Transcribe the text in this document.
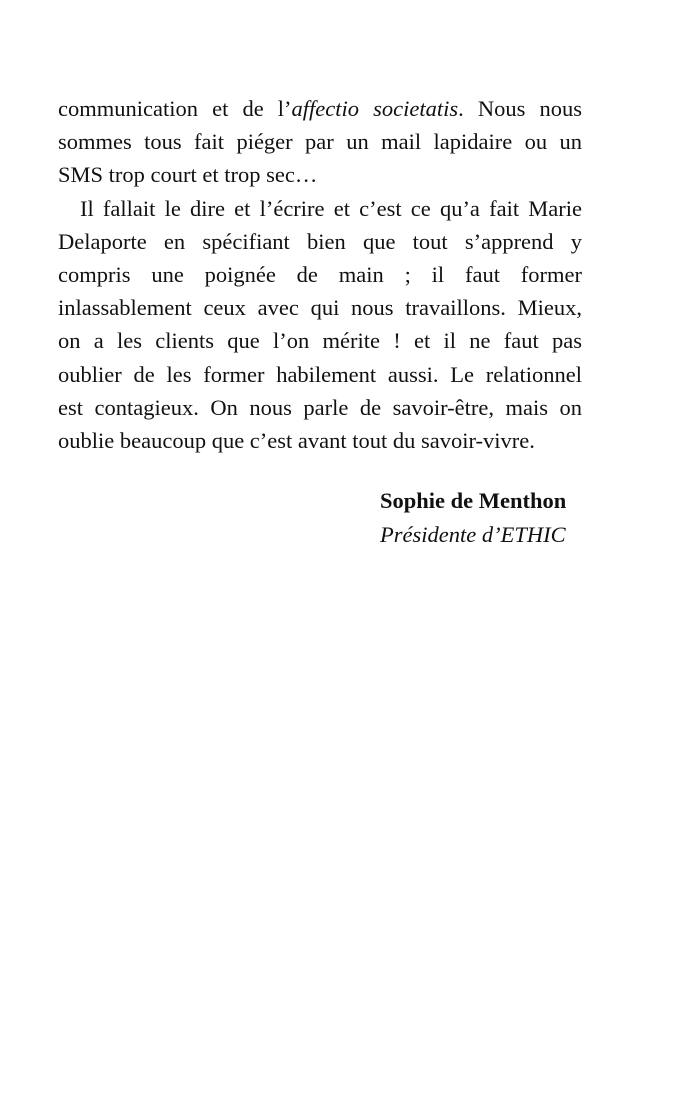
communication et de l’affectio societatis. Nous nous
sommes tous fait piéger par un mail lapidaire ou un
SMS trop court et trop sec…

Il fallait le dire et l’écrire et c’est ce qu’a fait Marie
Delaporte en spécifiant bien que tout s’apprend y
compris une poignée de main ; il faut former
inlassablement ceux avec qui nous travaillons. Mieux,
on a les clients que l’on mérite ! et il ne faut pas
oublier de les former habilement aussi. Le relationnel
est contagieux. On nous parle de savoir-être, mais on
oublie beaucoup que c’est avant tout du savoir-vivre.

Sophie de Menthon
Présidente d’ETHIC
